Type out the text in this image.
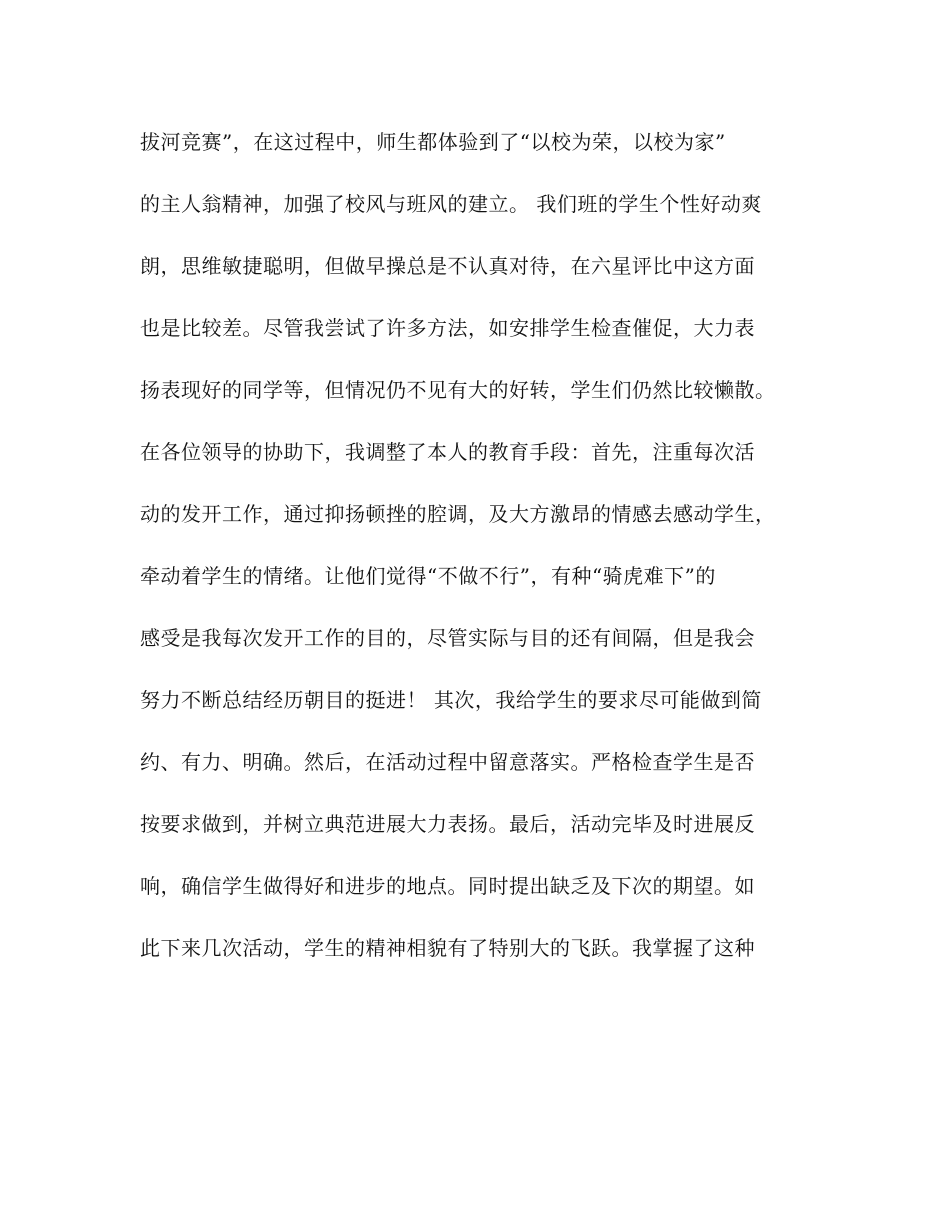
拔河竞赛”，在这过程中，师生都体验到了“以校为荣，以校为家”
的主人翁精神，加强了校风与班风的建立。 我们班的学生个性好动爽
朗，思维敏捷聪明，但做早操总是不认真对待，在六星评比中这方面
也是比较差。尽管我尝试了许多方法，如安排学生检查催促，大力表
扬表现好的同学等，但情况仍不见有大的好转，学生们仍然比较懒散。
在各位领导的协助下，我调整了本人的教育手段：首先，注重每次活
动的发开工作，通过抑扬顿挫的腔调，及大方激昂的情感去感动学生，
牵动着学生的情绪。让他们觉得“不做不行”，有种“骑虎难下”的
感受是我每次发开工作的目的，尽管实际与目的还有间隔，但是我会
努力不断总结经历朝目的挺进！ 其次，我给学生的要求尽可能做到简
约、有力、明确。然后，在活动过程中留意落实。严格检查学生是否
按要求做到，并树立典范进展大力表扬。最后，活动完毕及时进展反
响，确信学生做得好和进步的地点。同时提出缺乏及下次的期望。如
此下来几次活动，学生的精神相貌有了特别大的飞跃。我掌握了这种
